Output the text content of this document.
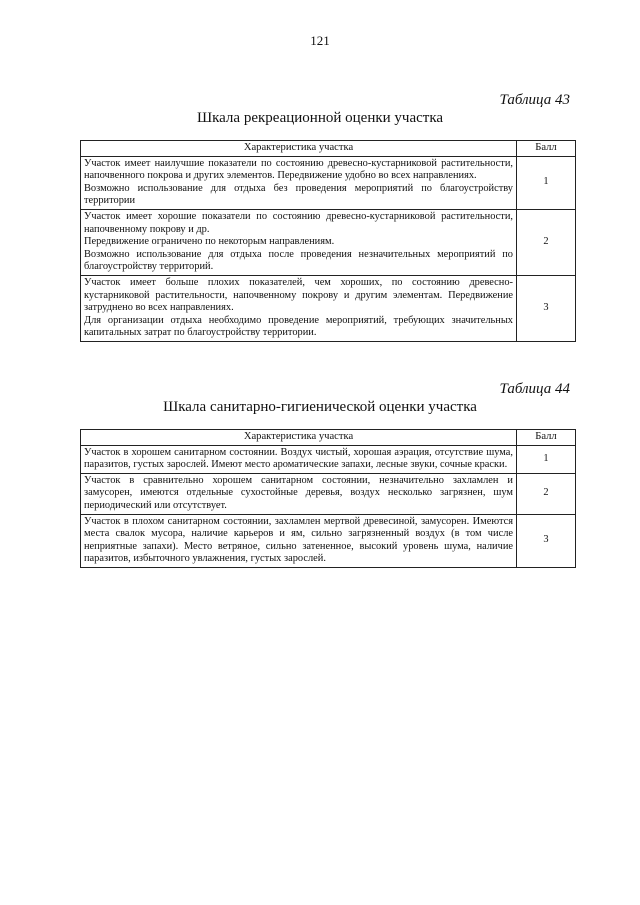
121
Таблица 43
Шкала рекреационной оценки участка
Характеристика участка	Балл

Участок имеет наилучшие показатели по состоянию древесно-кустарниковой растительности, напочвенного покрова и других элементов. Передвижение удобно во всех направлениях.

Возможно использование для отдыха без проведения мероприятий по благоустройству территории	1

Участок имеет хорошие показатели по состоянию древесно-кустарниковой растительности, напочвенному покрову и др.

Передвижение ограничено по некоторым направлениям.

Возможно использование для отдыха после проведения незначительных мероприятий по благоустройству территорий.	2

Участок имеет больше плохих показателей, чем хороших, по состоянию древесно-кустарниковой растительности, напочвенному покрову и другим элементам. Передвижение затруднено во всех направлениях.

Для организации отдыха необходимо проведение мероприятий, требующих значительных капитальных затрат по благоустройству территории.	3
Таблица 44
Шкала санитарно-гигиенической оценки участка
Характеристика участка	Балл

Участок в хорошем санитарном состоянии. Воздух чистый, хорошая аэрация, отсутствие шума, паразитов, густых зарослей. Имеют место ароматические запахи, лесные звуки, сочные краски.	1

Участок в сравнительно хорошем санитарном состоянии, незначительно захламлен и замусорен, имеются отдельные сухостойные деревья, воздух несколько загрязнен, шум периодический или отсутствует.	2

Участок в плохом санитарном состоянии, захламлен мертвой древесиной, замусорен. Имеются места свалок мусора, наличие карьеров и ям, сильно загрязненный воздух (в том числе неприятные запахи). Место ветряное, сильно затененное, высокий уровень шума, наличие паразитов, избыточного увлажнения, густых зарослей.	3
